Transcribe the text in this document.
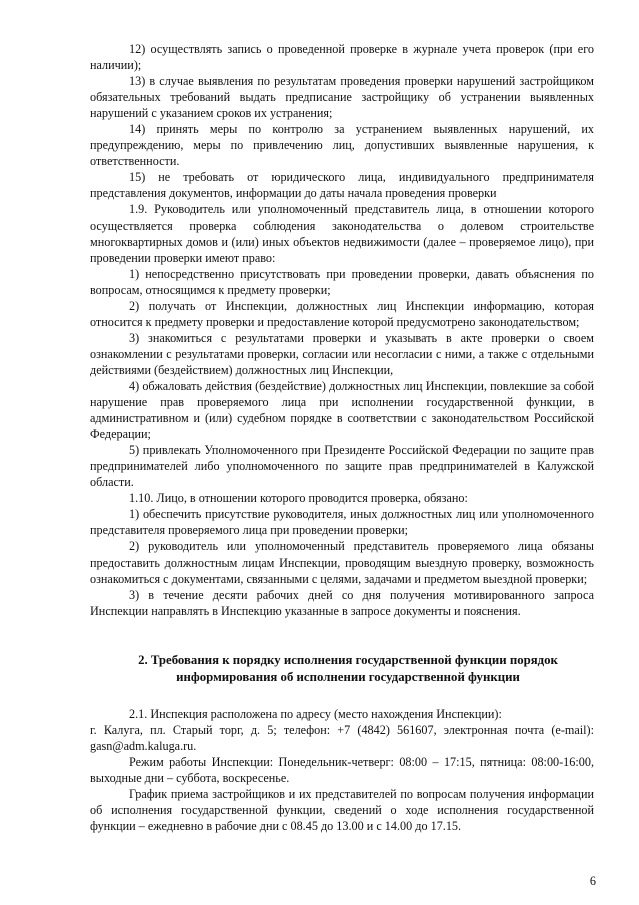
12) осуществлять запись о проведенной проверке в журнале учета проверок (при его наличии);

13) в случае выявления по результатам проведения проверки нарушений застройщиком обязательных требований выдать предписание застройщику об устранении выявленных нарушений с указанием сроков их устранения;

14) принять меры по контролю за устранением выявленных нарушений, их предупреждению, меры по привлечению лиц, допустивших выявленные нарушения, к ответственности.

15) не требовать от юридического лица, индивидуального предпринимателя представления документов, информации до даты начала проведения проверки

1.9. Руководитель или уполномоченный представитель лица, в отношении которого осуществляется проверка соблюдения законодательства о долевом строительстве многоквартирных домов и (или) иных объектов недвижимости (далее – проверяемое лицо), при проведении проверки имеют право:

1) непосредственно присутствовать при проведении проверки, давать объяснения по вопросам, относящимся к предмету проверки;

2) получать от Инспекции, должностных лиц Инспекции информацию, которая относится к предмету проверки и предоставление которой предусмотрено законодательством;

3) знакомиться с результатами проверки и указывать в акте проверки о своем ознакомлении с результатами проверки, согласии или несогласии с ними, а также с отдельными действиями (бездействием) должностных лиц Инспекции,

4) обжаловать действия (бездействие) должностных лиц Инспекции, повлекшие за собой нарушение прав проверяемого лица при исполнении государственной функции, в административном и (или) судебном порядке в соответствии с законодательством Российской Федерации;

5) привлекать Уполномоченного при Президенте Российской Федерации по защите прав предпринимателей либо уполномоченного по защите прав предпринимателей в Калужской области.

1.10. Лицо, в отношении которого проводится проверка, обязано:

1) обеспечить присутствие руководителя, иных должностных лиц или уполномоченного представителя проверяемого лица при проведении проверки;

2) руководитель или уполномоченный представитель проверяемого лица обязаны предоставить должностным лицам Инспекции, проводящим выездную проверку, возможность ознакомиться с документами, связанными с целями, задачами и предметом выездной проверки;

3) в течение десяти рабочих дней со дня получения мотивированного запроса Инспекции направлять в Инспекцию указанные в запросе документы и пояснения.

2. Требования к порядку исполнения государственной функции порядок информирования об исполнении государственной функции

2.1. Инспекция расположена по адресу (место нахождения Инспекции):

г. Калуга, пл. Старый торг, д. 5; телефон: +7 (4842) 561607, электронная почта (e-mail): gasn@adm.kaluga.ru.

Режим работы Инспекции: Понедельник-четверг: 08:00 – 17:15, пятница: 08:00-16:00, выходные дни – суббота, воскресенье.

График приема застройщиков и их представителей по вопросам получения информации об исполнения государственной функции, сведений о ходе исполнения государственной функции – ежедневно в рабочие дни с 08.45 до 13.00 и с 14.00 до 17.15.

6
